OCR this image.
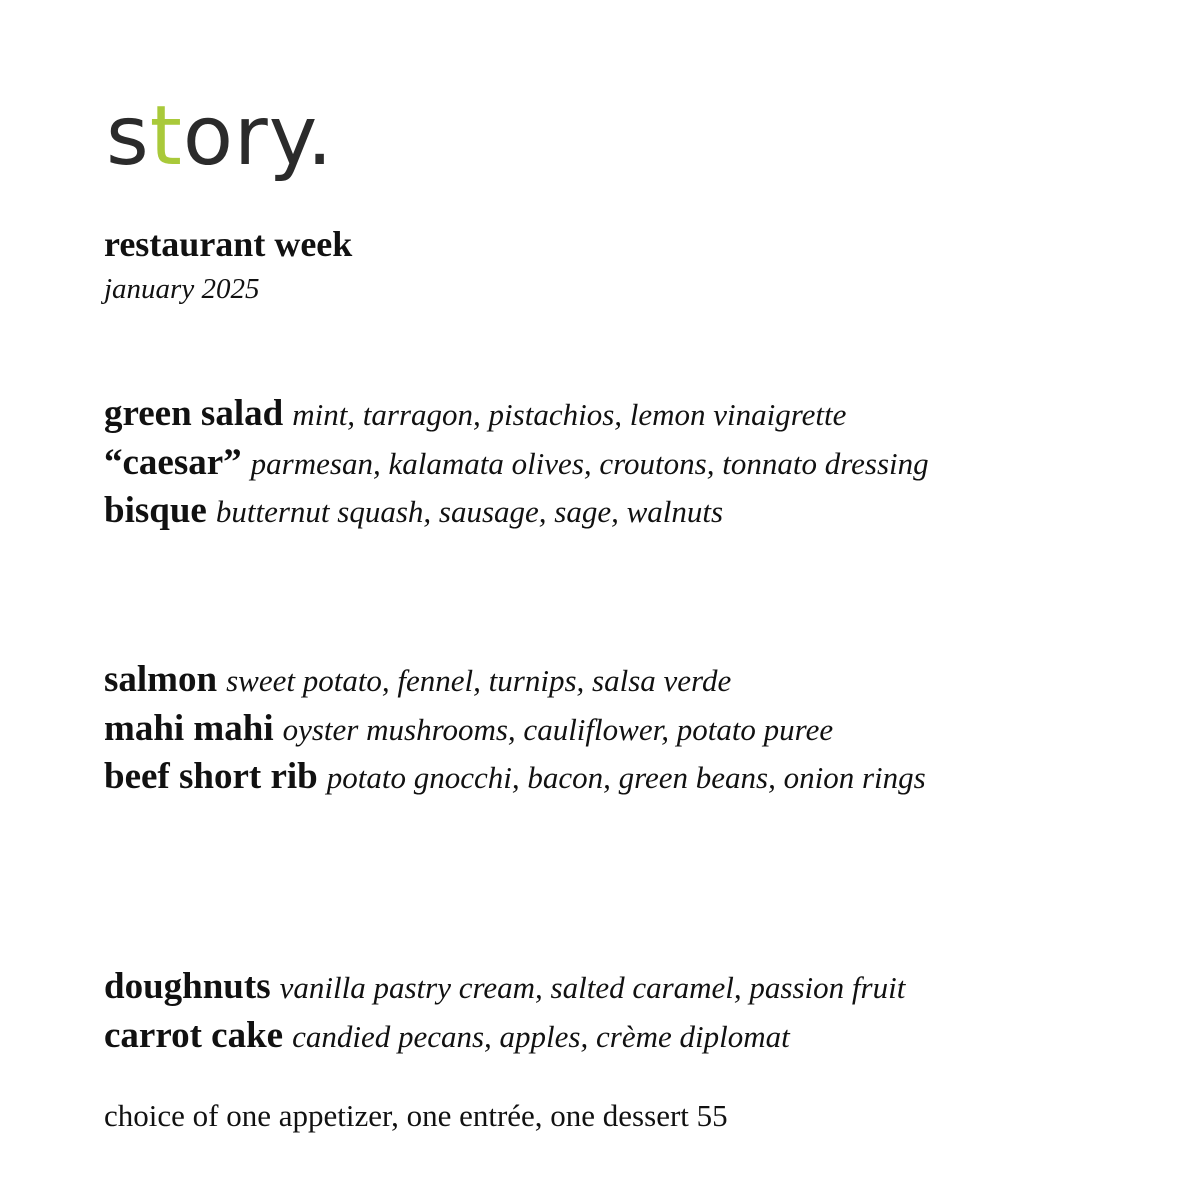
story.
restaurant week
january 2025
green salad mint, tarragon, pistachios, lemon vinaigrette
“caesar” parmesan, kalamata olives, croutons, tonnato dressing
bisque butternut squash, sausage, sage, walnuts
salmon sweet potato, fennel, turnips, salsa verde
mahi mahi oyster mushrooms, cauliflower, potato puree
beef short rib potato gnocchi, bacon, green beans, onion rings
doughnuts vanilla pastry cream, salted caramel, passion fruit
carrot cake candied pecans, apples, crème diplomat
choice of one appetizer, one entrée, one dessert 55
